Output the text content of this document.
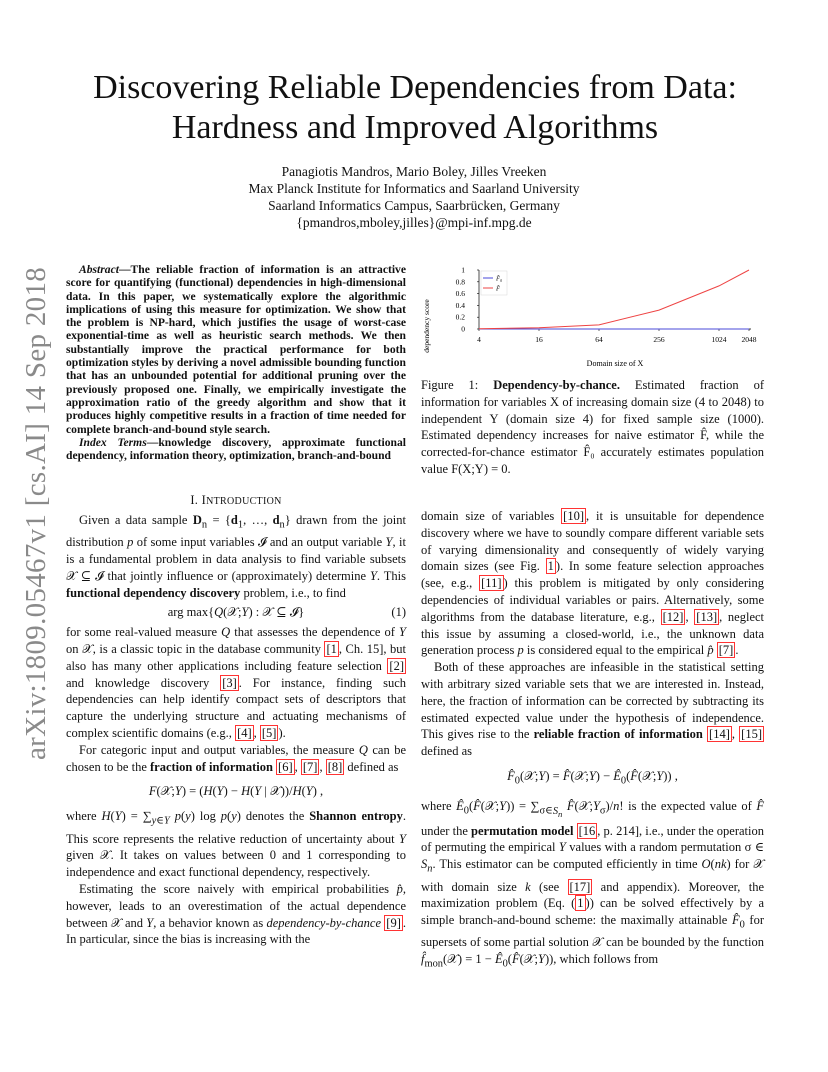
arXiv:1809.05467v1 [cs.AI] 14 Sep 2018
Discovering Reliable Dependencies from Data:
Hardness and Improved Algorithms
Panagiotis Mandros, Mario Boley, Jilles Vreeken
Max Planck Institute for Informatics and Saarland University
Saarland Informatics Campus, Saarbrücken, Germany
{pmandros,mboley,jilles}@mpi-inf.mpg.de

Abstract—The reliable fraction of information is an attractive score for quantifying (functional) dependencies in high-dimensional data. In this paper, we systematically explore the algorithmic implications of using this measure for optimization. We show that the problem is NP-hard, which justifies the usage of worst-case exponential-time as well as heuristic search methods. We then substantially improve the practical performance for both optimization styles by deriving a novel admissible bounding function that has an unbounded potential for additional pruning over the previously proposed one. Finally, we empirically investigate the approximation ratio of the greedy algorithm and show that it produces highly competitive results in a fraction of time needed for complete branch-and-bound style search.

Index Terms—knowledge discovery, approximate functional dependency, information theory, optimization, branch-and-bound

I. INTRODUCTION

Given a data sample $D_n = \{d_1$, …, $d_n$} drawn from the joint distribution p of some input variables 𝓘 and an output variable Y, it is a fundamental problem in data analysis to find variable subsets 𝒳 ⊆ 𝓘 that jointly influence or (approximately) determine Y. This functional dependency discovery problem, i.e., to find

arg max{Q(𝒳;Y) : 𝒳 ⊆ 𝓘}	(1)

for some real-valued measure Q that assesses the dependence of Y on 𝒳, is a classic topic in the database community [1 , Ch. 15], but also has many other applications including feature selection [2] and knowledge discovery [3] . For instance, finding such dependencies can help identify compact sets of descriptors that capture the underlying structure and actuating mechanisms of complex scientific domains (e.g., [4] , [5] ).

For categoric input and output variables, the measure Q can be chosen to be the fraction of information [6] , [7] , [8] defined as

F(𝒳;Y) = (H(Y) − H(Y | 𝒳))/H(Y) ,

where $H(Y) = \sum_{y\in Y}$ p(y) log p(y) denotes the Shannon entropy. This score represents the relative reduction of uncertainty about Y given 𝒳. It takes on values between 0 and 1 corresponding to independence and exact functional dependency, respectively.

Estimating the score naively with empirical probabilities p̂, however, leads to an overestimation of the actual dependence between 𝒳 and Y, a behavior known as dependency-by-chance [9] . In particular, since the bias is increasing with the

dependency score	0
0.2
0.4
0.6
0.8
1
4	16	64	256	1024 2048
F̂₀
F̂
Domain size of X

Figure 1: Dependency-by-chance. Estimated fraction of information for variables X of increasing domain size (4 to 2048) to independent Y (domain size 4) for fixed sample size (1000). Estimated dependency increases for naive estimator F̂, while the corrected-for-chance estimator F̂₀ accurately estimates population value F(X;Y) = 0.

domain size of variables [10] , it is unsuitable for dependence discovery where we have to soundly compare different variable sets of varying dimensionality and consequently of widely varying domain sizes (see Fig. 1 ). In some feature selection approaches (see, e.g., [11] ) this problem is mitigated by only considering dependencies of individual variables or pairs. Alternatively, some algorithms from the database literature, e.g., [12] , [13] , neglect this issue by assuming a closed-world, i.e., the unknown data generation process p is considered equal to the empirical p̂ [7] .

Both of these approaches are infeasible in the statistical setting with arbitrary sized variable sets that we are interested in. Instead, here, the fraction of information can be corrected by subtracting its estimated expected value under the hypothesis of independence. This gives rise to the reliable fraction of information [14] , [15] defined as

$F̂_0(𝒳;Y)$ = F̂(𝒳;Y) − $Ê_0(F̂(𝒳;Y))$ ,

where $Ê_0(F̂(𝒳;Y)) = \sum_{\sigma\in S_n}$ $F̂(𝒳;Y_\sigma)/n$! is the expected value of F̂ under the permutation model [16 , p. 214], i.e., under the operation of permuting the empirical Y values with a random permutation σ ∈ $S_n$. This estimator can be computed efficiently in time O(nk) for 𝒳 with domain size k (see [17] and appendix). Moreover, the maximization problem (Eq. ( 1 )) can be solved effectively by a simple branch-and-bound scheme: the maximally attainable $F̂_0$ for supersets of some partial solution 𝒳 can be bounded by the function $f̂_{mon}(𝒳) = 1$ − $Ê_0(F̂(𝒳;Y))$, which follows from
